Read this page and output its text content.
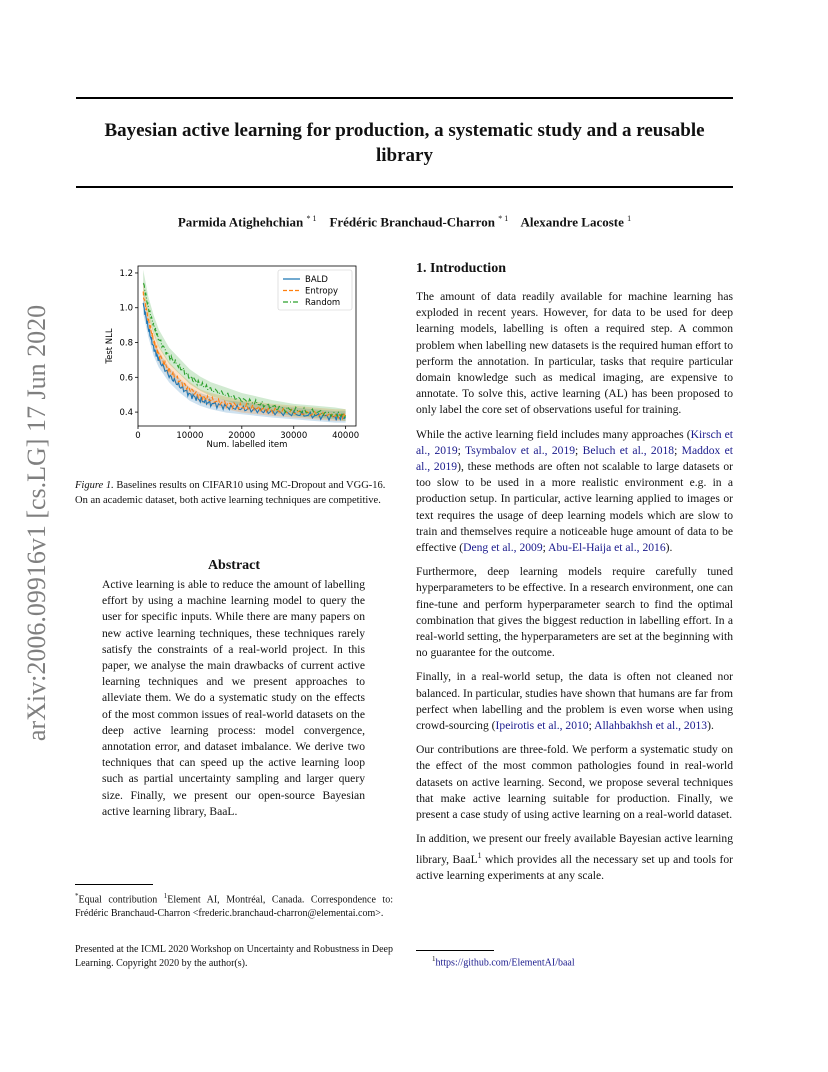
Bayesian active learning for production, a systematic study and a reusable
library
Parmida Atighehchian $^{* 1}$ Frédéric Branchaud-Charron $^{* 1}$ Alexandre Lacoste $^1$
arXiv:2006.09916v1 [cs.LG] 17 Jun 2020	0	10000	20000	30000	40000
0.4
0.6
0.8
1.0
1.2
Num. labelled item
Test NLL
BALD
Entropy
Random
Figure 1. Baselines results on CIFAR10 using MC-Dropout and VGG-16. On an academic dataset, both active learning techniques are competitive.
Abstract

Active learning is able to reduce the amount of labelling effort by using a machine learning model to query the user for specific inputs. While there are many papers on new active learning techniques, these techniques rarely satisfy the constraints of a real-world project. In this paper, we analyse the main drawbacks of current active learning techniques and we present approaches to alleviate them. We do a systematic study on the effects of the most common issues of real-world datasets on the deep active learning process: model convergence, annotation error, and dataset imbalance. We derive two techniques that can speed up the active learning loop such as partial uncertainty sampling and larger query size. Finally, we present our open-source Bayesian active learning library, BaaL.

*Equal contribution $^1$Element AI, Montréal, Canada. Correspondence to: Frédéric Branchaud-Charron <frederic.branchaud-charron@elementai.com>.

Presented at the ICML 2020 Workshop on Uncertainty and Robustness in Deep Learning. Copyright 2020 by the author(s).

1. Introduction

The amount of data readily available for machine learning has exploded in recent years. However, for data to be used for deep learning models, labelling is often a required step. A common problem when labelling new datasets is the required human effort to perform the annotation. In particular, tasks that require particular domain knowledge such as medical imaging, are expensive to annotate. To solve this, active learning (AL) has been proposed to only label the core set of observations useful for training.

While the active learning field includes many approaches (Kirsch et al., 2019; Tsymbalov et al., 2019; Beluch et al., 2018; Maddox et al., 2019), these methods are often not scalable to large datasets or too slow to be used in a more realistic environment e.g. in a production setup. In particular, active learning applied to images or text requires the usage of deep learning models which are slow to train and themselves require a noticeable huge amount of data to be effective (Deng et al., 2009; Abu-El-Haija et al., 2016).

Furthermore, deep learning models require carefully tuned hyperparameters to be effective. In a research environment, one can fine-tune and perform hyperparameter search to find the optimal combination that gives the biggest reduction in labelling effort. In a real-world setting, the hyperparameters are set at the beginning with no guarantee for the outcome.

Finally, in a real-world setup, the data is often not cleaned nor balanced. In particular, studies have shown that humans are far from perfect when labelling and the problem is even worse when using crowd-sourcing (Ipeirotis et al., 2010; Allahbakhsh et al., 2013).

Our contributions are three-fold. We perform a systematic study on the effect of the most common pathologies found in real-world datasets on active learning. Second, we propose several techniques that make active learning suitable for production. Finally, we present a case study of using active learning on a real-world dataset.

In addition, we present our freely available Bayesian active learning library, BaaL$^1$ which provides all the necessary set up and tools for active learning experiments at any scale.

$^1$https://github.com/ElementAI/baal
